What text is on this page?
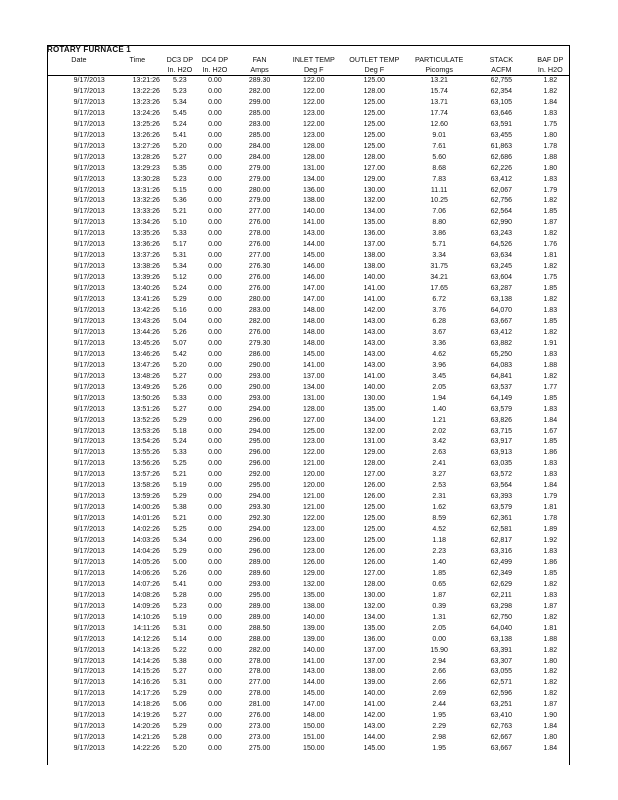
ROTARY FURNACE 1
Date	Time	DC3 DP	DC4 DP	FAN	INLET TEMP	OUTLET TEMP	PARTICULATE	STACK	BAF DP
		In. H2O	In. H2O	Amps	Deg F	Deg F	Picomgs	ACFM	In. H2O
9/17/2013	13:21:26	5.23	0.00	289.30	122.00	125.00	13.21	62,755	1.82
9/17/2013	13:22:26	5.23	0.00	282.00	122.00	128.00	15.74	62,354	1.82
9/17/2013	13:23:26	5.34	0.00	299.00	122.00	125.00	13.71	63,105	1.84
9/17/2013	13:24:26	5.45	0.00	285.00	123.00	125.00	17.74	63,646	1.83
9/17/2013	13:25:26	5.24	0.00	283.00	122.00	125.00	12.60	63,591	1.75
9/17/2013	13:26:26	5.41	0.00	285.00	123.00	125.00	9.01	63,455	1.80
9/17/2013	13:27:26	5.20	0.00	284.00	128.00	125.00	7.61	61,863	1.78
9/17/2013	13:28:26	5.27	0.00	284.00	128.00	128.00	5.60	62,686	1.88
9/17/2013	13:29:23	5.35	0.00	279.00	131.00	127.00	8.68	62,226	1.80
9/17/2013	13:30:28	5.23	0.00	279.00	134.00	129.00	7.83	63,412	1.83
9/17/2013	13:31:26	5.15	0.00	280.00	136.00	130.00	11.11	62,067	1.79
9/17/2013	13:32:26	5.36	0.00	279.00	138.00	132.00	10.25	62,756	1.82
9/17/2013	13:33:26	5.21	0.00	277.00	140.00	134.00	7.06	62,564	1.85
9/17/2013	13:34:26	5.10	0.00	276.00	141.00	135.00	8.80	62,990	1.87
9/17/2013	13:35:26	5.33	0.00	278.00	143.00	136.00	3.86	63,243	1.82
9/17/2013	13:36:26	5.17	0.00	276.00	144.00	137.00	5.71	64,526	1.76
9/17/2013	13:37:26	5.31	0.00	277.00	145.00	138.00	3.34	63,634	1.81
9/17/2013	13:38:26	5.34	0.00	276.30	146.00	138.00	31.75	63,245	1.82
9/17/2013	13:39:26	5.12	0.00	276.00	146.00	140.00	34.21	63,604	1.75
9/17/2013	13:40:26	5.24	0.00	276.00	147.00	141.00	17.65	63,287	1.85
9/17/2013	13:41:26	5.29	0.00	280.00	147.00	141.00	6.72	63,138	1.82
9/17/2013	13:42:26	5.16	0.00	283.00	148.00	142.00	3.76	64,070	1.83
9/17/2013	13:43:26	5.04	0.00	282.00	148.00	143.00	6.28	63,667	1.85
9/17/2013	13:44:26	5.26	0.00	276.00	148.00	143.00	3.67	63,412	1.82
9/17/2013	13:45:26	5.07	0.00	279.30	148.00	143.00	3.36	63,882	1.91
9/17/2013	13:46:26	5.42	0.00	286.00	145.00	143.00	4.62	65,250	1.83
9/17/2013	13:47:26	5.20	0.00	290.00	141.00	143.00	3.96	64,083	1.88
9/17/2013	13:48:26	5.27	0.00	293.00	137.00	141.00	3.45	64,841	1.82
9/17/2013	13:49:26	5.26	0.00	290.00	134.00	140.00	2.05	63,537	1.77
9/17/2013	13:50:26	5.33	0.00	293.00	131.00	130.00	1.94	64,149	1.85
9/17/2013	13:51:26	5.27	0.00	294.00	128.00	135.00	1.40	63,579	1.83
9/17/2013	13:52:26	5.29	0.00	296.00	127.00	134.00	1.21	63,826	1.84
9/17/2013	13:53:26	5.18	0.00	294.00	125.00	132.00	2.02	63,715	1.67
9/17/2013	13:54:26	5.24	0.00	295.00	123.00	131.00	3.42	63,917	1.85
9/17/2013	13:55:26	5.33	0.00	296.00	122.00	129.00	2.63	63,913	1.86
9/17/2013	13:56:26	5.25	0.00	296.00	121.00	128.00	2.41	63,035	1.83
9/17/2013	13:57:26	5.21	0.00	292.00	120.00	127.00	3.27	63,572	1.83
9/17/2013	13:58:26	5.19	0.00	295.00	120.00	126.00	2.53	63,564	1.84
9/17/2013	13:59:26	5.29	0.00	294.00	121.00	126.00	2.31	63,393	1.79
9/17/2013	14:00:26	5.38	0.00	293.30	121.00	125.00	1.62	63,579	1.81
9/17/2013	14:01:26	5.21	0.00	292.30	122.00	125.00	8.59	62,361	1.78
9/17/2013	14:02:26	5.25	0.00	294.00	123.00	125.00	4.52	62,581	1.89
9/17/2013	14:03:26	5.34	0.00	296.00	123.00	125.00	1.18	62,817	1.92
9/17/2013	14:04:26	5.29	0.00	296.00	123.00	126.00	2.23	63,316	1.83
9/17/2013	14:05:26	5.00	0.00	289.00	126.00	126.00	1.40	62,499	1.86
9/17/2013	14:06:26	5.26	0.00	289.60	129.00	127.00	1.85	62,349	1.85
9/17/2013	14:07:26	5.41	0.00	293.00	132.00	128.00	0.65	62,629	1.82
9/17/2013	14:08:26	5.28	0.00	295.00	135.00	130.00	1.87	62,211	1.83
9/17/2013	14:09:26	5.23	0.00	289.00	138.00	132.00	0.39	63,298	1.87
9/17/2013	14:10:26	5.19	0.00	289.00	140.00	134.00	1.31	62,750	1.82
9/17/2013	14:11:26	5.31	0.00	288.50	139.00	135.00	2.05	64,040	1.81
9/17/2013	14:12:26	5.14	0.00	288.00	139.00	136.00	0.00	63,138	1.88
9/17/2013	14:13:26	5.22	0.00	282.00	140.00	137.00	15.90	63,391	1.82
9/17/2013	14:14:26	5.38	0.00	278.00	141.00	137.00	2.94	63,307	1.80
9/17/2013	14:15:26	5.27	0.00	278.00	143.00	138.00	2.66	63,055	1.82
9/17/2013	14:16:26	5.31	0.00	277.00	144.00	139.00	2.66	62,571	1.82
9/17/2013	14:17:26	5.29	0.00	278.00	145.00	140.00	2.69	62,596	1.82
9/17/2013	14:18:26	5.06	0.00	281.00	147.00	141.00	2.44	63,251	1.87
9/17/2013	14:19:26	5.27	0.00	276.00	148.00	142.00	1.95	63,410	1.90
9/17/2013	14:20:26	5.29	0.00	273.00	150.00	143.00	2.29	62,763	1.84
9/17/2013	14:21:26	5.28	0.00	273.00	151.00	144.00	2.98	62,667	1.80
9/17/2013	14:22:26	5.20	0.00	275.00	150.00	145.00	1.95	63,667	1.84
